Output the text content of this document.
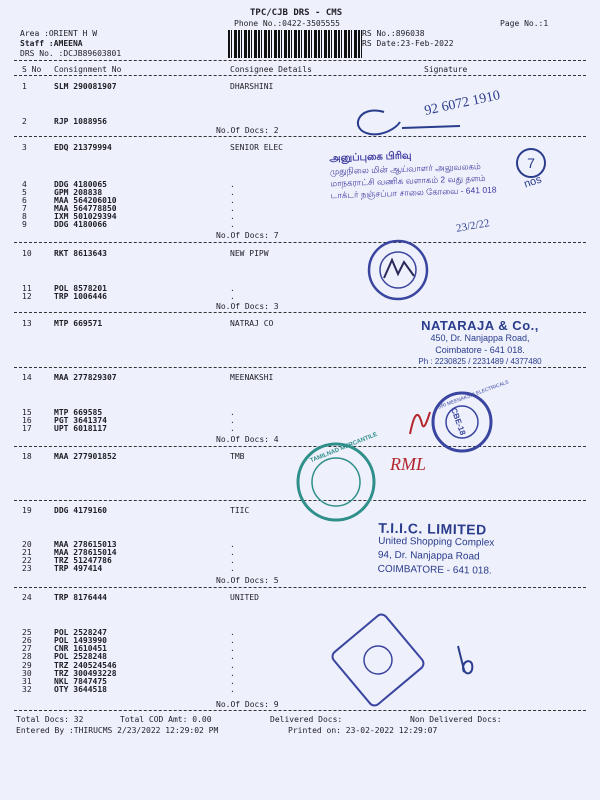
TPC/CJB DRS - CMS
Phone No.:0422-3505555	Page No.:1
Area :ORIENT H W
Staff :AMEENA
DRS No. :DCJB89603801
RS No.:896038
RS Date:23-Feb-2022
S No Consignment No	Consignee Details	Signature
1	SLM 290081907	DHARSHINI
2	RJP 1088956
No.Of Docs: 2
3	EDQ 21379994	SENIOR ELEC
4	DDG 4180065	.
5	GPM 208838	.
6	MAA 564206010	.
7	MAA 564778850	.
8	IXM 501029394	.
9	DDG 4180066	.
No.Of Docs: 7
10	RKT 8613643	NEW PIPW
11	POL 8578201	.
12	TRP 1006446	.
No.Of Docs: 3
13	MTP 669571	NATRAJ CO
14	MAA 277829307	MEENAKSHI
15	MTP 669585	.
16	PGT 3641374	.
17	UPT 6018117	.
No.Of Docs: 4
18	MAA 277901852	TMB
19	DDG 4179160	TIIC
20	MAA 278615013	.
21	MAA 278615014	.
22	TRZ 51247786	.
23	TRP 497414	.
No.Of Docs: 5
24	TRP 8176444	UNITED
25	POL 2528247	.
26	POL 1493990	.
27	CNR 1610451	.
28	POL 2528248	.
29	TRZ 240524546	.
30	TRZ 300493228	.
31	NKL 7847475	.
32	OTY 3644518	.
No.Of Docs: 9
Total Docs: 32	Total COD Amt: 0.00	Delivered Docs:	Non Delivered Docs:
Entered By :THIRUCMS 2/23/2022 12:29:02 PM	Printed on: 23-02-2022 12:29:07
92 6072 1910
அனுப்புகை பிரிவு
முதுநிலை மின் ஆய்வாளர் அலுவலகம்
மாநகராட்சி வணிக வளாகம் 2 வது தளம்
டாக்டர் நஞ்சப்பா சாலை கோவை - 641 018
7
nos
23/2/22
NATARAJA & Co.,
450, Dr. Nanjappa Road,
Coimbatore - 641 018.
Ph : 2230825 / 2231489 / 4377480
CBE-18
SRI MEENAKSHI ELECTRICALS
TAMILNAD MERCANTILE RML
T.I.I.C. LIMITED
United Shopping Complex
94, Dr. Nanjappa Road
COIMBATORE - 641 018.
